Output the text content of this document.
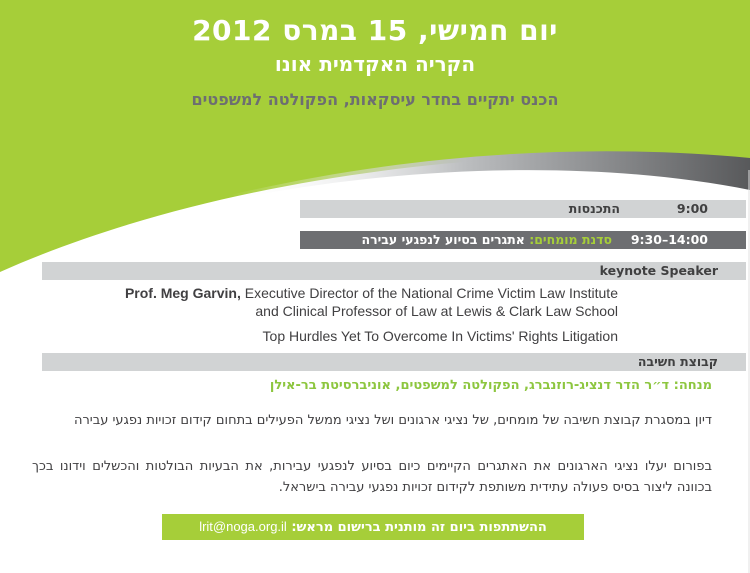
יום חמישי, 15 במרס 2012
הקריה האקדמית אונו
הכנס יתקיים בחדר עיסקאות, הפקולטה למשפטים
9:00
התכנסות
14:00–9:30
סדנת מומחים: אתגרים בסיוע לנפגעי עבירה
keynote Speaker

Prof. Meg Garvin, Executive Director of the National Crime Victim Law Institute

and Clinical Professor of Law at Lewis & Clark Law School

Top Hurdles Yet To Overcome In Victims' Rights Litigation

קבוצת חשיבה
מנחה: ד״ר הדר דנציג-רוזנברג, הפקולטה למשפטים, אוניברסיטת בר-אילן
דיון במסגרת קבוצת חשיבה של מומחים, של נציגי ארגונים ושל נציגי ממשל הפעילים בתחום קידום זכויות נפגעי עבירה
בפורום יעלו נציגי הארגונים את האתגרים הקיימים כיום בסיוע לנפגעי עבירות, את הבעיות הבולטות והכשלים וידונו בכך בכוונה ליצור בסיס פעולה עתידית משותפת לקידום זכויות נפגעי עבירה בישראל.
ההשתתפות ביום זה מותנית ברישום מראש: lrit@noga.org.il
